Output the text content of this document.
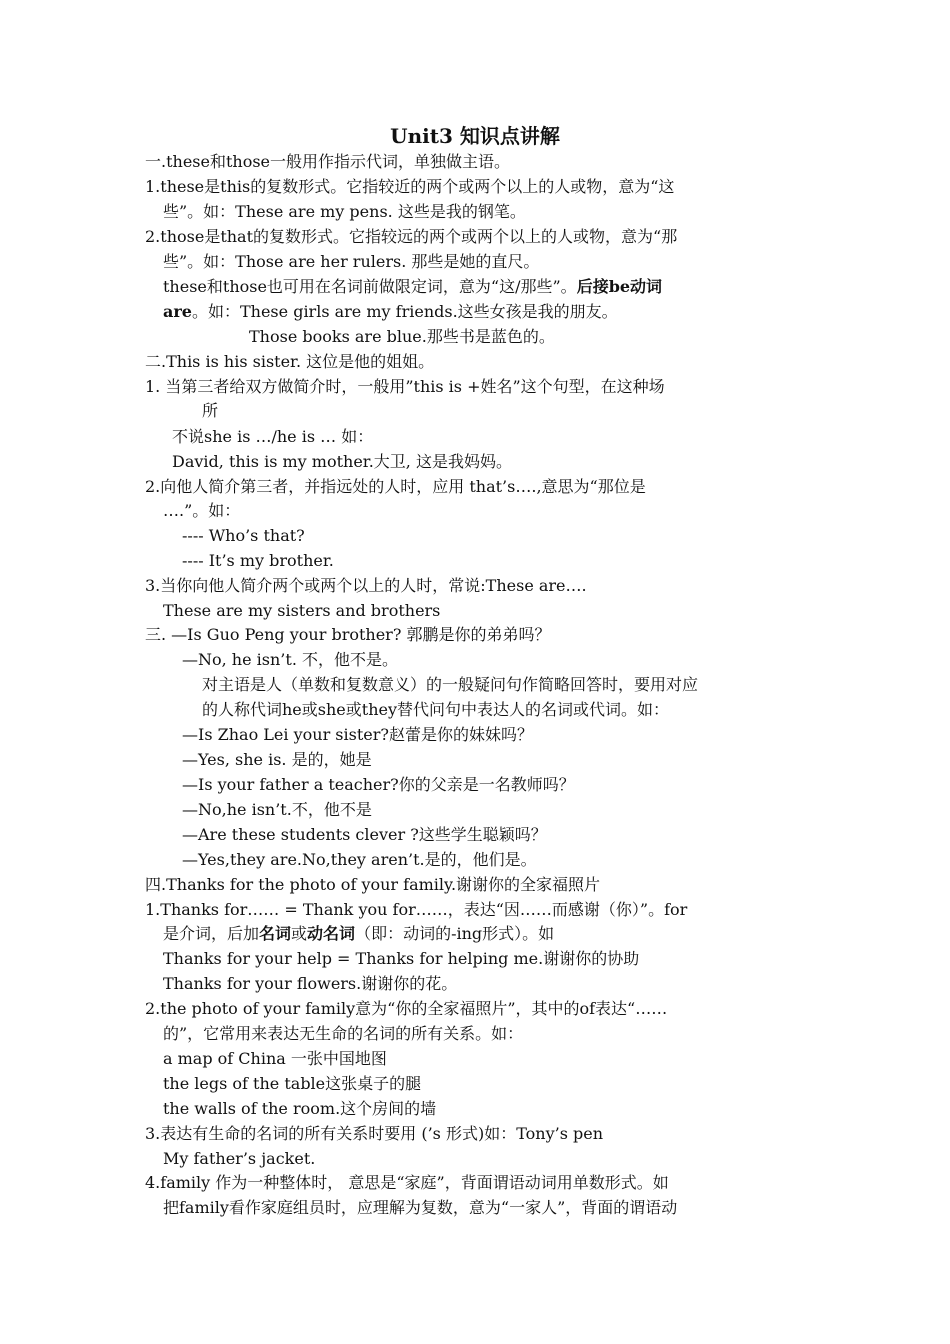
Unit3 知识点讲解
一.these和those一般用作指示代词，单独做主语。
1.these是this的复数形式。它指较近的两个或两个以上的人或物，意为“这
些”。如：These are my pens. 这些是我的钢笔。
2.those是that的复数形式。它指较远的两个或两个以上的人或物，意为“那
些”。如：Those are her rulers. 那些是她的直尺。
these和those也可用在名词前做限定词，意为“这/那些”。后接be动词
are。如：These girls are my friends.这些女孩是我的朋友。
Those books are blue.那些书是蓝色的。
二.This is his sister. 这位是他的姐姐。
1. 当第三者给双方做简介时，一般用”this is +姓名”这个句型，在这种场
所
不说she is …/he is … 如：
David, this is my mother.大卫, 这是我妈妈。
2.向他人简介第三者，并指远处的人时，应用 that’s….,意思为“那位是
….”。如：
---- Who’s that?
---- It’s my brother.
3.当你向他人简介两个或两个以上的人时，常说:These are….
These are my sisters and brothers
三. —Is Guo Peng your brother? 郭鹏是你的弟弟吗？
—No, he isn’t. 不，他不是。
对主语是人（单数和复数意义）的一般疑问句作简略回答时，要用对应
的人称代词he或she或they替代问句中表达人的名词或代词。如：
—Is Zhao Lei your sister?赵蕾是你的妹妹吗？
—Yes, she is. 是的，她是
—Is your father a teacher?你的父亲是一名教师吗？
—No,he isn’t.不，他不是
—Are these students clever ?这些学生聪颖吗？
—Yes,they are.No,they aren’t.是的，他们是。
四.Thanks for the photo of your family.谢谢你的全家福照片
1.Thanks for…… = Thank you for……，表达“因……而感谢（你）”。for
是介词，后加名词或动名词（即：动词的-ing形式）。如
Thanks for your help = Thanks for helping me.谢谢你的协助
Thanks for your flowers.谢谢你的花。
2.the photo of your family意为“你的全家福照片”，其中的of表达“……
的”，它常用来表达无生命的名词的所有关系。如：
a map of China 一张中国地图
the legs of the table这张桌子的腿
the walls of the room.这个房间的墙
3.表达有生命的名词的所有关系时要用 (’s 形式)如：Tony’s pen
My father’s jacket.
4.family 作为一种整体时， 意思是“家庭”，背面谓语动词用单数形式。如
把family看作家庭组员时，应理解为复数，意为“一家人”，背面的谓语动
